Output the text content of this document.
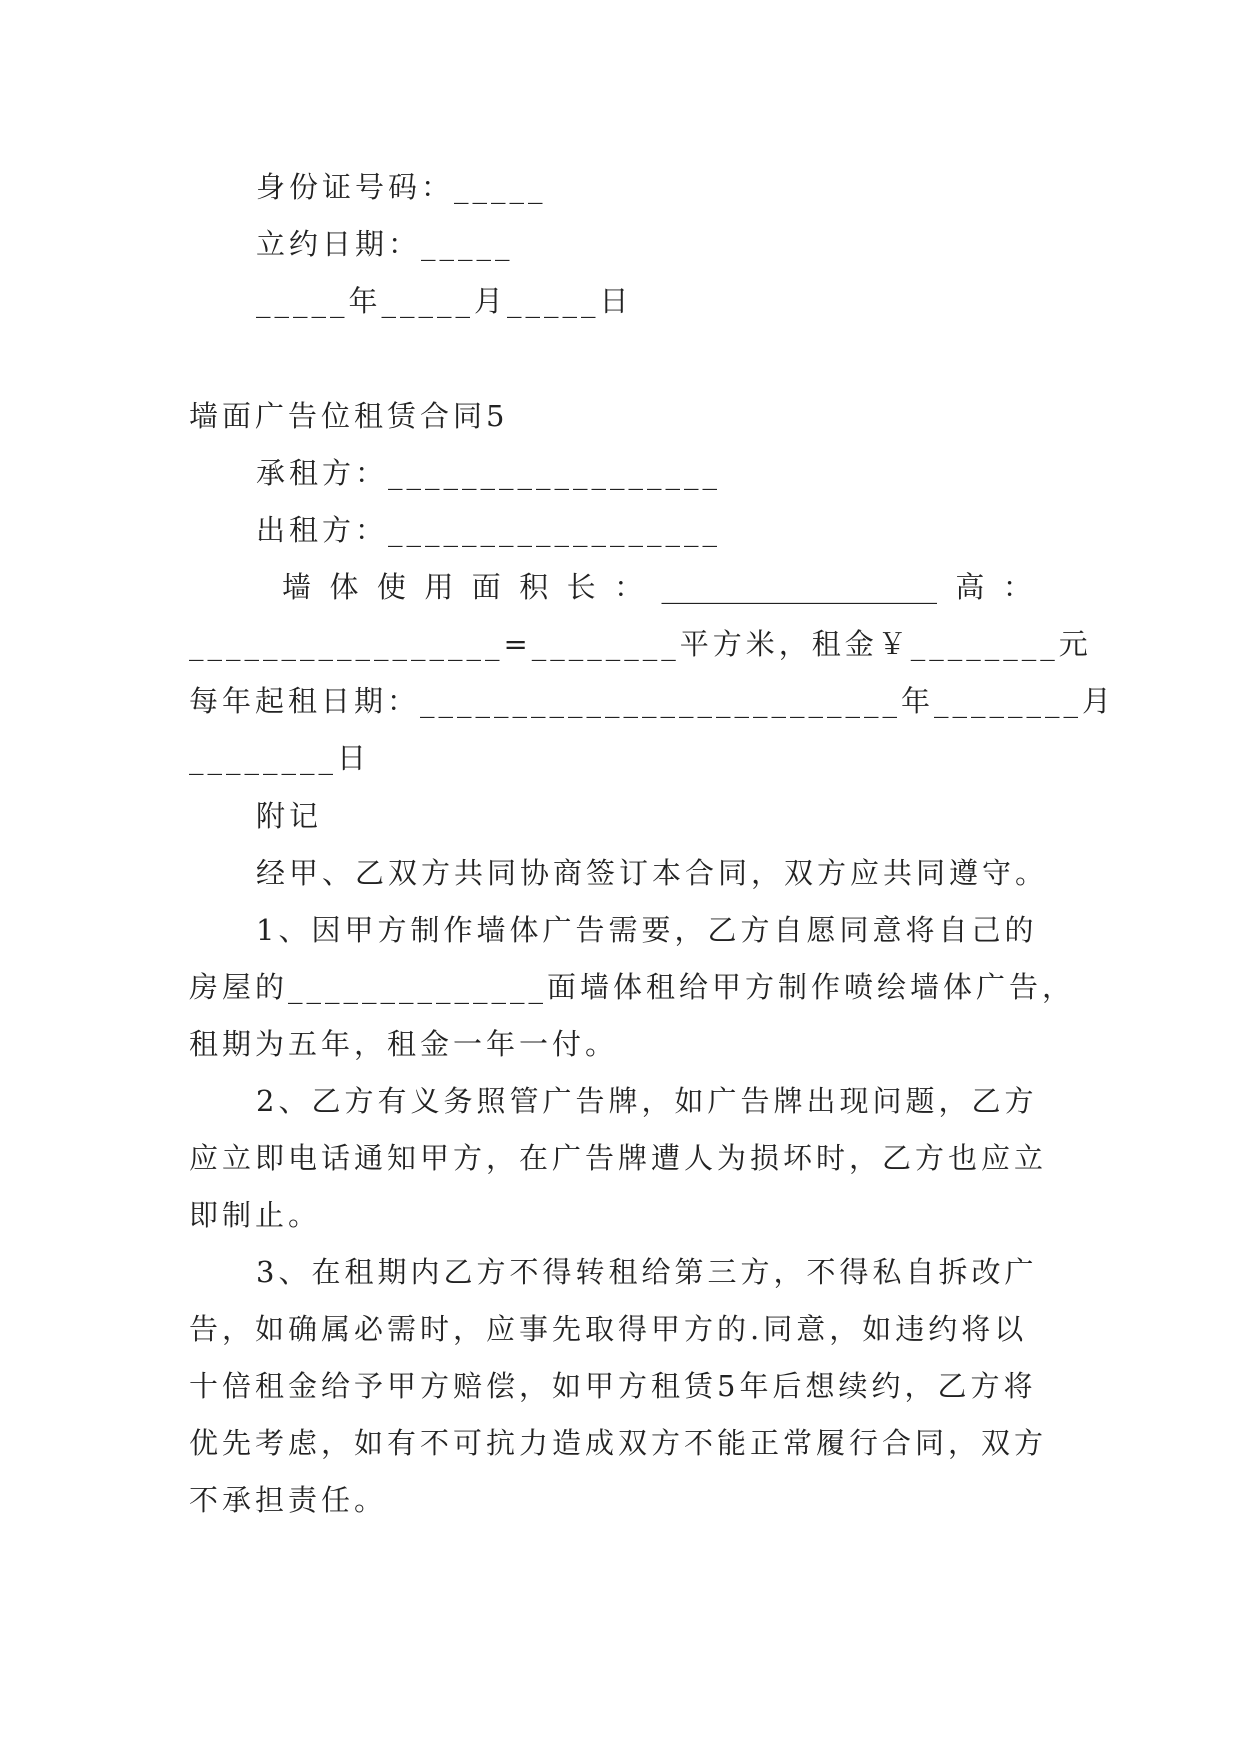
身份证号码：_____
立约日期：_____
_____年_____月_____日
墙面广告位租赁合同5
承租方：__________________
出租方：__________________
墙 体 使 用 面 积 长 ： ___________________ 高 ：
_________________=________平方米，租金￥________元
每年起租日期：__________________________年________月
________日
附记
经甲、乙双方共同协商签订本合同，双方应共同遵守。
1、因甲方制作墙体广告需要，乙方自愿同意将自己的
房屋的______________面墙体租给甲方制作喷绘墙体广告，
租期为五年，租金一年一付。
2、乙方有义务照管广告牌，如广告牌出现问题，乙方
应立即电话通知甲方，在广告牌遭人为损坏时，乙方也应立
即制止。
3、在租期内乙方不得转租给第三方，不得私自拆改广
告，如确属必需时，应事先取得甲方的.同意，如违约将以
十倍租金给予甲方赔偿，如甲方租赁5年后想续约，乙方将
优先考虑，如有不可抗力造成双方不能正常履行合同，双方
不承担责任。
